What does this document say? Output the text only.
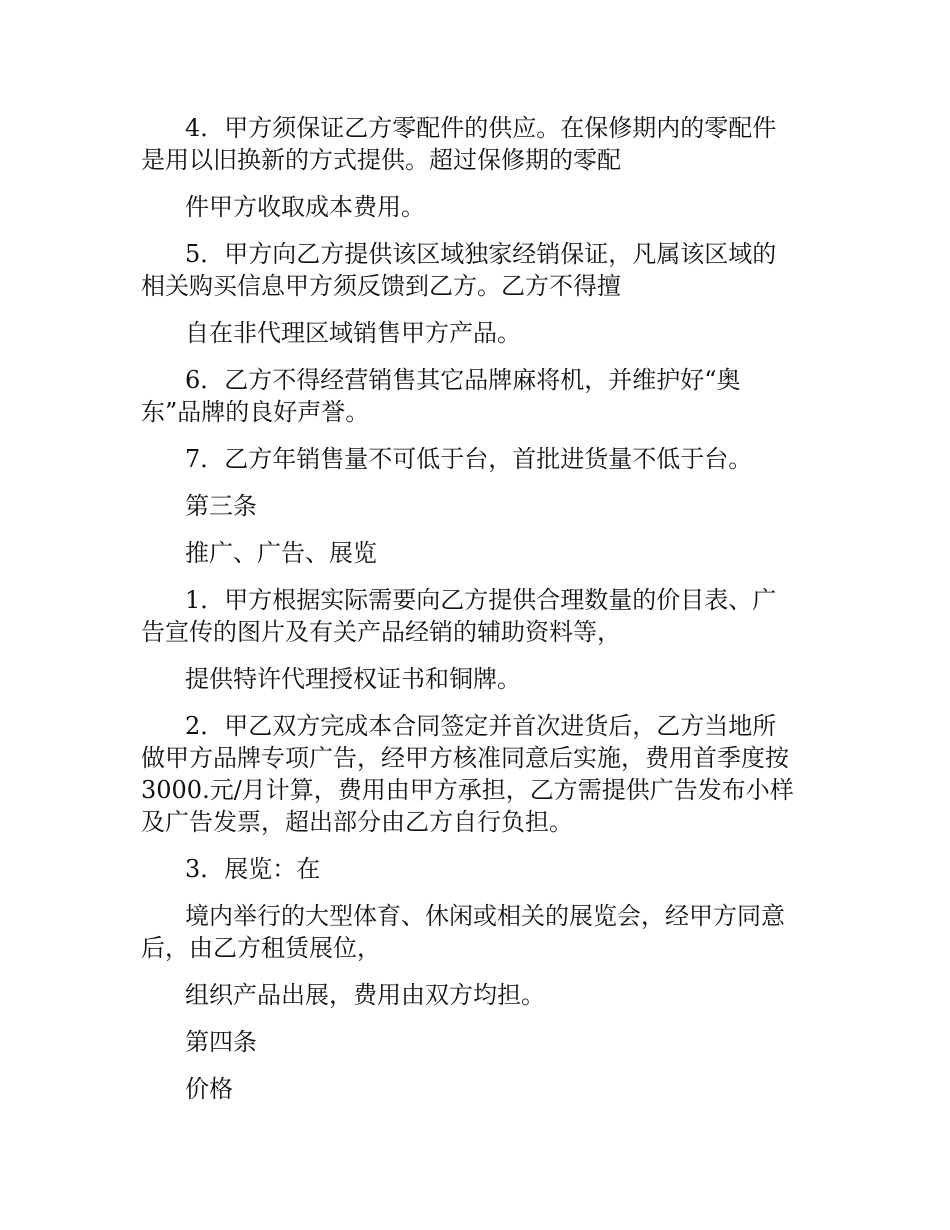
4．甲方须保证乙方零配件的供应。在保修期内的零配件
是用以旧换新的方式提供。超过保修期的零配

件甲方收取成本费用。

5．甲方向乙方提供该区域独家经销保证，凡属该区域的
相关购买信息甲方须反馈到乙方。乙方不得擅

自在非代理区域销售甲方产品。

6．乙方不得经营销售其它品牌麻将机，并维护好“奥
东”品牌的良好声誉。

7．乙方年销售量不可低于台，首批进货量不低于台。

第三条

推广、广告、展览

1．甲方根据实际需要向乙方提供合理数量的价目表、广
告宣传的图片及有关产品经销的辅助资料等，

提供特许代理授权证书和铜牌。

2．甲乙双方完成本合同签定并首次进货后，乙方当地所
做甲方品牌专项广告，经甲方核准同意后实施，费用首季度按
3000.元/月计算，费用由甲方承担，乙方需提供广告发布小样
及广告发票，超出部分由乙方自行负担。

3．展览：在

境内举行的大型体育、休闲或相关的展览会，经甲方同意
后，由乙方租赁展位，

组织产品出展，费用由双方均担。

第四条

价格
